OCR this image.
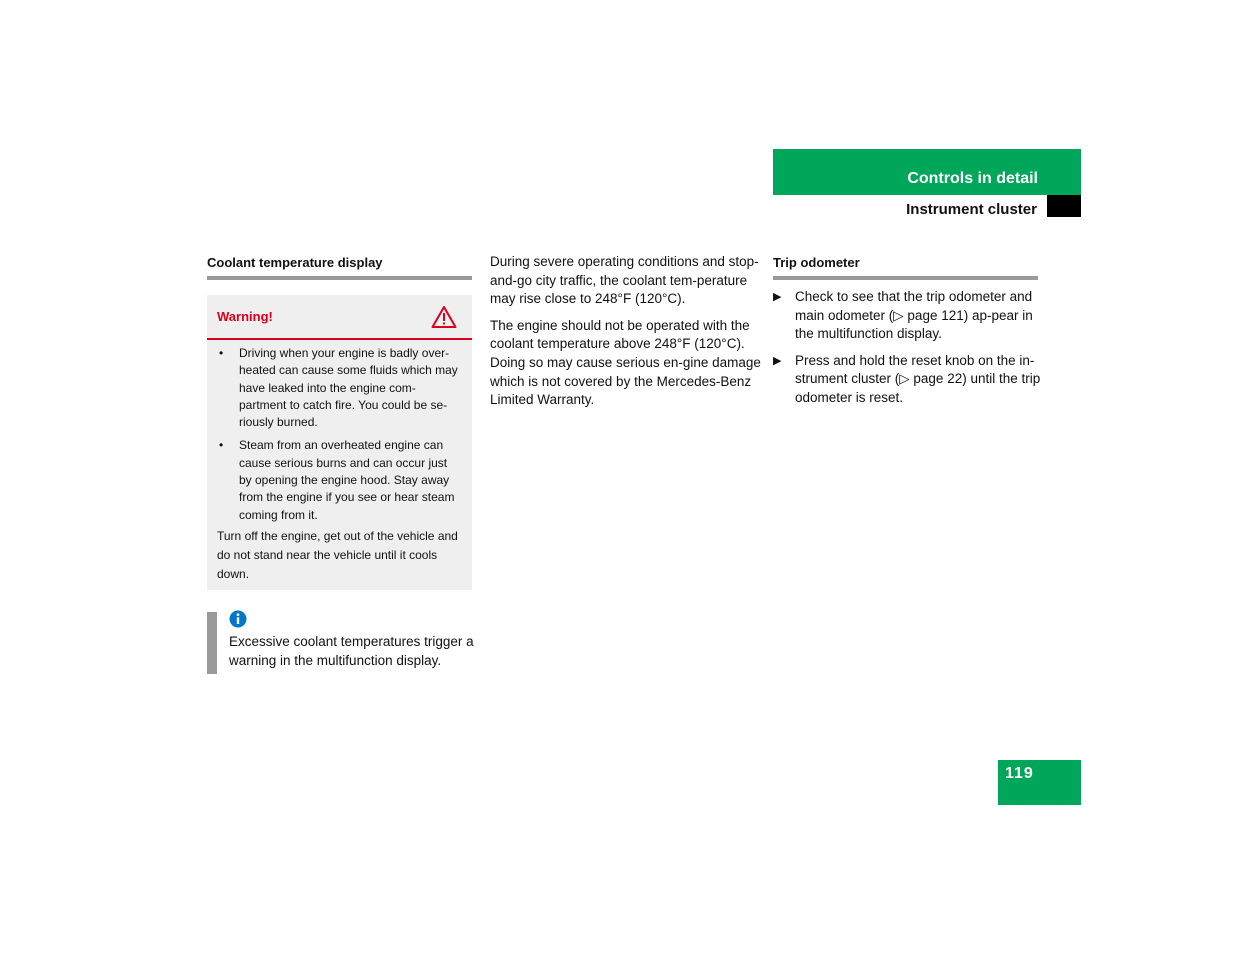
Controls in detail
Instrument cluster
Coolant temperature display
Warning!
• Driving when your engine is badly over-heated can cause some fluids which may have leaked into the engine com-partment to catch fire. You could be se-riously burned.
• Steam from an overheated engine can cause serious burns and can occur just by opening the engine hood. Stay away from the engine if you see or hear steam coming from it.
Turn off the engine, get out of the vehicle and do not stand near the vehicle until it cools down.
Excessive coolant temperatures trigger a warning in the multifunction display.

During severe operating conditions and stop-and-go city traffic, the coolant tem-perature may rise close to 248°F (120°C).

The engine should not be operated with the coolant temperature above 248°F (120°C). Doing so may cause serious en-gine damage which is not covered by the Mercedes-Benz Limited Warranty.

Trip odometer
▶ Check to see that the trip odometer and main odometer (▷ page 121) ap-pear in the multifunction display.
▶ Press and hold the reset knob on the in-strument cluster (▷ page 22) until the trip odometer is reset.
119
